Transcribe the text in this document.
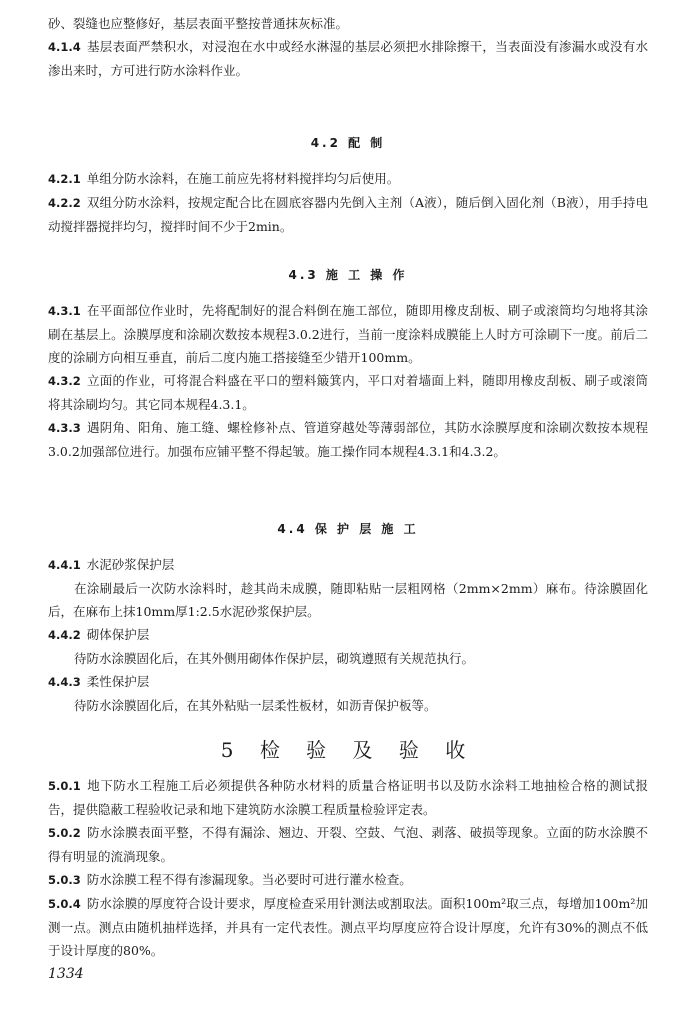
砂、裂缝也应整修好，基层表面平整按普通抹灰标准。

4.1.4 基层表面严禁积水，对浸泡在水中或经水淋湿的基层必须把水排除擦干，当表面没有渗漏水或没有水渗出来时，方可进行防水涂料作业。

4.2 配 制

4.2.1 单组分防水涂料，在施工前应先将材料搅拌均匀后使用。

4.2.2 双组分防水涂料，按规定配合比在圆底容器内先倒入主剂（A液），随后倒入固化剂（B液），用手持电动搅拌器搅拌均匀，搅拌时间不少于2min。

4.3 施 工 操 作

4.3.1 在平面部位作业时，先将配制好的混合料倒在施工部位，随即用橡皮刮板、刷子或滚筒均匀地将其涂刷在基层上。涂膜厚度和涂刷次数按本规程3.0.2进行，当前一度涂料成膜能上人时方可涂刷下一度。前后二度的涂刷方向相互垂直，前后二度内施工搭接缝至少错开100mm。

4.3.2 立面的作业，可将混合料盛在平口的塑料簸箕内，平口对着墙面上料，随即用橡皮刮板、刷子或滚筒将其涂刷均匀。其它同本规程4.3.1。

4.3.3 遇阴角、阳角、施工缝、螺栓修补点、管道穿越处等薄弱部位，其防水涂膜厚度和涂刷次数按本规程3.0.2加强部位进行。加强布应铺平整不得起皱。施工操作同本规程4.3.1和4.3.2。

4.4 保 护 层 施 工

4.4.1 水泥砂浆保护层

在涂刷最后一次防水涂料时，趁其尚未成膜，随即粘贴一层粗网格（2mm×2mm）麻布。待涂膜固化后，在麻布上抹10mm厚1:2.5水泥砂浆保护层。

4.4.2 砌体保护层

待防水涂膜固化后，在其外侧用砌体作保护层，砌筑遵照有关规范执行。

4.4.3 柔性保护层

待防水涂膜固化后，在其外粘贴一层柔性板材，如沥青保护板等。

5 检 验 及 验 收

5.0.1 地下防水工程施工后必须提供各种防水材料的质量合格证明书以及防水涂料工地抽检合格的测试报告，提供隐蔽工程验收记录和地下建筑防水涂膜工程质量检验评定表。

5.0.2 防水涂膜表面平整，不得有漏涂、翘边、开裂、空鼓、气泡、剥落、破损等现象。立面的防水涂膜不得有明显的流淌现象。

5.0.3 防水涂膜工程不得有渗漏现象。当必要时可进行灌水检查。

5.0.4 防水涂膜的厚度符合设计要求，厚度检查采用针测法或割取法。面积100m²取三点，每增加100m²加测一点。测点由随机抽样选择，并具有一定代表性。测点平均厚度应符合设计厚度，允许有30%的测点不低于设计厚度的80%。

1334
